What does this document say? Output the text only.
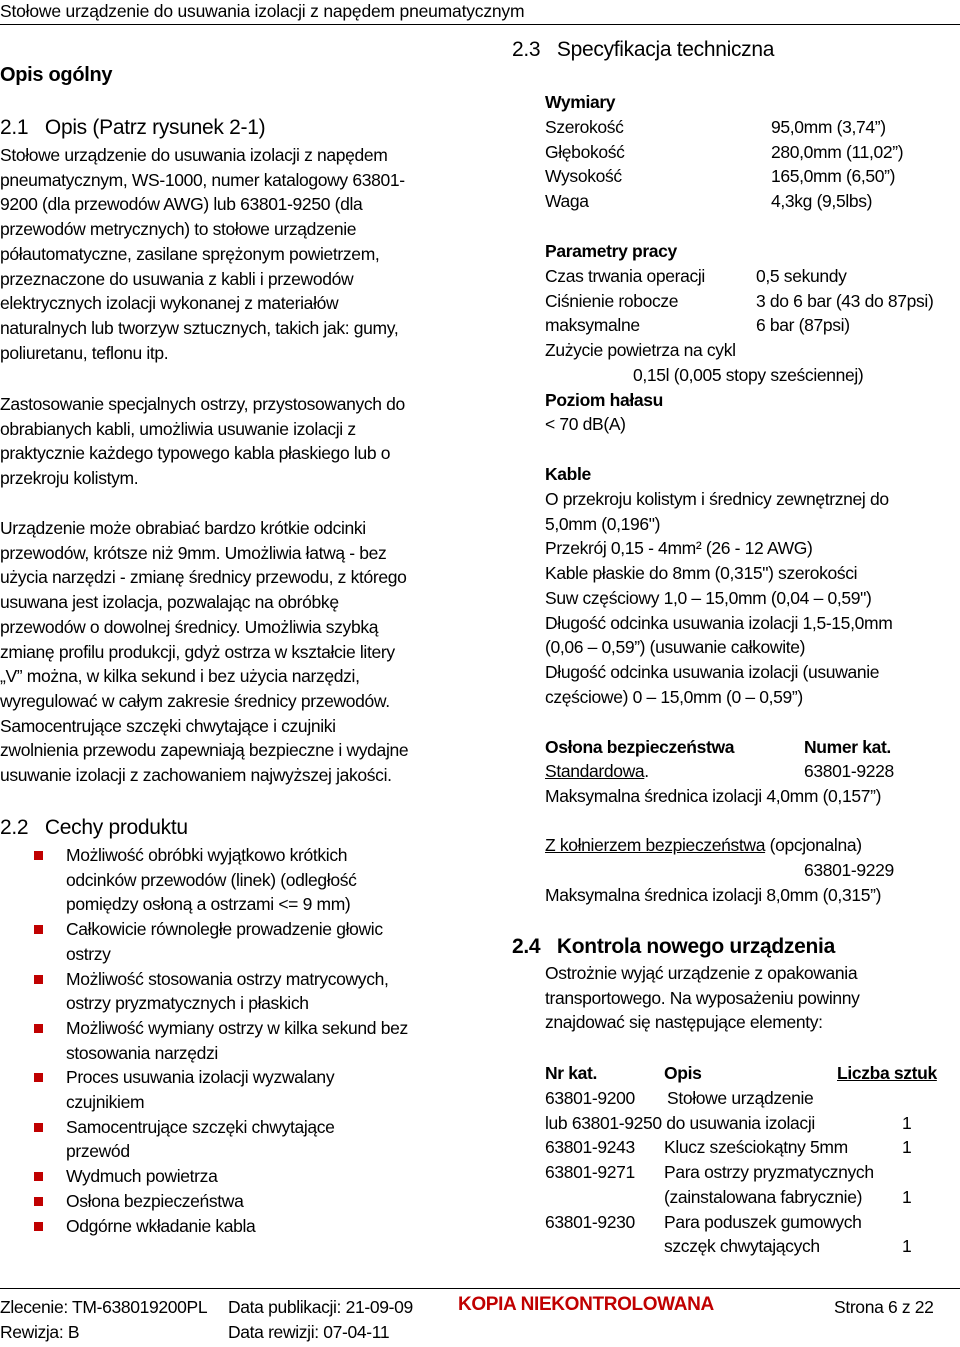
Stołowe urządzenie do usuwania izolacji z napędem pneumatycznym
Opis ogólny
2.1 Opis (Patrz rysunek 2-1)
Stołowe urządzenie do usuwania izolacji z napędem
pneumatycznym, WS-1000, numer katalogowy 63801-
9200 (dla przewodów AWG) lub 63801-9250 (dla
przewodów metrycznych) to stołowe urządzenie
półautomatyczne, zasilane sprężonym powietrzem,
przeznaczone do usuwania z kabli i przewodów
elektrycznych izolacji wykonanej z materiałów
naturalnych lub tworzyw sztucznych, takich jak: gumy,
poliuretanu, teflonu itp.
Zastosowanie specjalnych ostrzy, przystosowanych do
obrabianych kabli, umożliwia usuwanie izolacji z
praktycznie każdego typowego kabla płaskiego lub o
przekroju kolistym.
Urządzenie może obrabiać bardzo krótkie odcinki
przewodów, krótsze niż 9mm. Umożliwia łatwą - bez
użycia narzędzi - zmianę średnicy przewodu, z którego
usuwana jest izolacja, pozwalając na obróbkę
przewodów o dowolnej średnicy. Umożliwia szybką
zmianę profilu produkcji, gdyż ostrza w kształcie litery
„V” można, w kilka sekund i bez użycia narzędzi,
wyregulować w całym zakresie średnicy przewodów.
Samocentrujące szczęki chwytające i czujniki
zwolnienia przewodu zapewniają bezpieczne i wydajne
usuwanie izolacji z zachowaniem najwyższej jakości.
2.2 Cechy produktu
Możliwość obróbki wyjątkowo krótkich
odcinków przewodów (linek) (odległość
pomiędzy osłoną a ostrzami <= 9 mm)
Całkowicie równoległe prowadzenie głowic
ostrzy
Możliwość stosowania ostrzy matrycowych,
ostrzy pryzmatycznych i płaskich
Możliwość wymiany ostrzy w kilka sekund bez
stosowania narzędzi
Proces usuwania izolacji wyzwalany
czujnikiem
Samocentrujące szczęki chwytające
przewód
Wydmuch powietrza
Osłona bezpieczeństwa
Odgórne wkładanie kabla
2.3 Specyfikacja techniczna
Wymiary
Szerokość	95,0mm (3,74”)
Głębokość	280,0mm (11,02”)
Wysokość	165,0mm (6,50”)
Waga	4,3kg (9,5lbs)
Parametry pracy
Czas trwania operacji	0,5 sekundy
Ciśnienie robocze	3 do 6 bar (43 do 87psi)
maksymalne	6 bar (87psi)
Zużycie powietrza na cykl
0,15l (0,005 stopy sześciennej)
Poziom hałasu
< 70 dB(A)
Kable
O przekroju kolistym i średnicy zewnętrznej do
5,0mm (0,196")
Przekrój 0,15 - 4mm² (26 - 12 AWG)
Kable płaskie do 8mm (0,315") szerokości
Suw częściowy 1,0 – 15,0mm (0,04 – 0,59")
Długość odcinka usuwania izolacji 1,5-15,0mm
(0,06 – 0,59”) (usuwanie całkowite)
Długość odcinka usuwania izolacji (usuwanie
częściowe) 0 – 15,0mm (0 – 0,59”)
Osłona bezpieczeństwa	Numer kat.
Standardowa.	63801-9228
Maksymalna średnica izolacji 4,0mm (0,157”)
Z kołnierzem bezpieczeństwa (opcjonalna)
63801-9229
Maksymalna średnica izolacji 8,0mm (0,315”)
2.4 Kontrola nowego urządzenia
Ostrożnie wyjąć urządzenie z opakowania
transportowego. Na wyposażeniu powinny
znajdować się następujące elementy:
Nr kat.	Opis	Liczba sztuk
63801-9200 Stołowe urządzenie
lub 63801-9250 do usuwania izolacji	1
63801-9243 Klucz sześciokątny 5mm	1
63801-9271 Para ostrzy pryzmatycznych
(zainstalowana fabrycznie) 1
63801-9230 Para poduszek gumowych
szczęk chwytających	1
Zlecenie: TM-638019200PL Data publikacji: 21-09-09 KOPIA NIEKONTROLOWANA	Strona 6 z 22
Rewizja: B	Data rewizji: 07-04-11
